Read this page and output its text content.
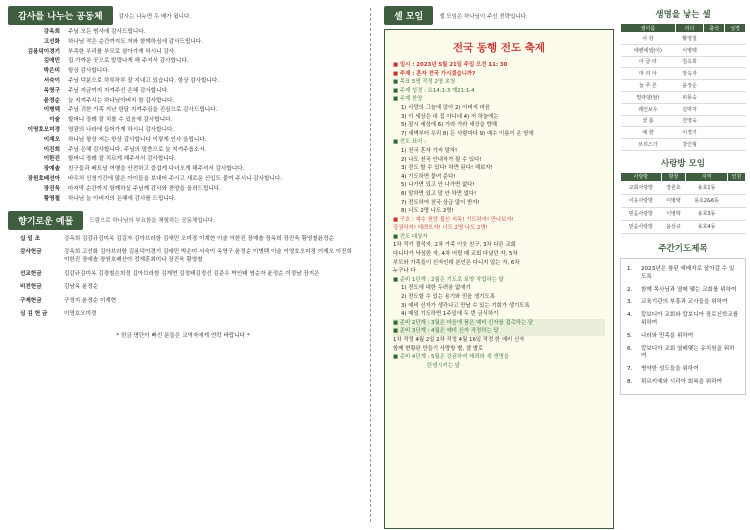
감사를 나누는 공동체	감사는 나누면 두 배가 됩니다.
강옥희	주님 모든 범사에 감사드립니다.
고선화	하나님 작은 순간까지도 저와 함께하심에 감사드립니다.
김용덕이경기	부족한 우리를 부모로 살아가게 하시니 감사.
김애민	집 가까운 곳으로 발령나게 해 주셔서 감사합니다.
박은미	항상 감사합니다.
서숙이	주님 덕분으로 하루하루 잘 지내고 있습니다. 항상 감사합니다.
옥영구	주님 지금까지 지켜주신 은혜 감사합니다.
윤정순	늘 지켜주시는 하나님아버지 참 감사합니다.
이병택	주님 귀한 가족 지난 한달 지켜주심을 진심으로 감사드립니다.
이술	할머니 장례 잘 치를 수 있음에 감사합니다.
이영호오미경	영광의 나라에 들어가게 하시니 감사합니다.
이재오	하나님 항상 저는 항상 감사합니다 이렇게 인사 올립니다.
이진희	주님 은혜 감사합니다. 주님의 말씀으로 늘 지켜주옵소서.
이한진	할머니 장례 잘 치르게 해주셔서 감사합니다.
장예솔	친구들과 베트남 여행을 안전하고 즐겁게 다녀오게 해주셔서 감사합니다.
장원호배선아	바우처 신청기간에 많은 아이들을 보내어 주시고 새로운 신입도 붙여 주시니 감사합니다.
장진욱	마지막 순간까지 함께하실 주님께 감사와 찬양을 올려드립니다.
황영철	하나님 늘 아버지의 은혜에 감사를 드립니다.
향기로운 예물	드림으로 하나님의 부요함을 체험하는 공동체입니다.
십 일 조	강옥희 김감규김미옥 김길자 김아브라함 김애민 오미경 이계현 이술 이한진 장예솔 장옥희 장진욱 황영철윤정순
감사헌금	강옥희 고선화 김아브라함 김용덕이경기 김애민 박은미 서숙이 옥영구 윤정순 이병택 이술 이영호오미경 이재오 이진희 이한진 장예솔 장원호배선아 정재훈최미나 장진욱 황영철
선교헌금	김감규김미옥 김경철손희정 김아브라함 김재현 김정태김경선 김준우 박인태 염순자 윤정순 이정남 장지은
비전헌금	김남옥 윤정순
구제헌금	구정지 윤정순 이계현
심 김 헌 금	이영호오미경
* 헌금 명단이 빠진 분들은 교역자에게 연락 바랍니다 *
셀 모임	셀 모임은 하나님이 주신 전략입니다.
전국 동행 전도 축제
■ 일시 : 2023년 5월 21일 주일 오전 11: 30
■ 주제 : 혼자 전국 가시겠습니까?
■ 목표 5명 작정 2명 초청
■ 주제 성경 : 요14:1-3 계21:1-4
■ 주제 찬양
1) 사망의 그늘에 앉아 2) 아버지 마음
3) 이 세상은 내 집 아니네 4) 저 하늘에는
5) 잠시 세상에 6) 가라 가라 세상을 향해
7) 새벽부터 우리 8) 든 사람마다 9) 예수 이름이 온 땅에
■ 전도 표어 :
1) 천국 혼자 가지 말자!
2) 나도 천국 안내자가 될 수 있다!
3) 전도 할 수 있다! 하면 된다! 해보자!
4) 기도하면 붙여 준다!
5) 나가면 있고 안 나가면 없다!
6) 말하면 있고 말 안 하면 없다!
7) 전도하여 천국 상급 많이 받자!
8) 너도 2명 나도 2명!
■ 구호 : 예수 천당 불신 지옥! 기도하자! 만나보자!
강권하자! 데려오자! 너도 2명 나도 2명!
■ 전도 대상자
1차 작기 결석자, 2차 가족 이웃 친구, 3차 다른 교회
다니다가 낙심한 자, 4차 어릴 때 교회 다녔던 자, 5차
부모와 가족들이 신자인데 본인은 다니지 않는 자, 6차
누구나 다
■ 준비 1단계 : 2월은 기도로 토양 작업하는 달
1) 전도에 대한 두려움 없애기
2) 전도할 수 있는 용기와 믿음 생기도록
3) 예비 신자가 생각나고 만날 수 있는 기회가 생기도록
4) 매일 기도하면 1주일에 두 번 금식하기
■ 준비 2단계 : 3월은 마음에 품은 예비 신자를 접촉하는 달
■ 준비 3단계 : 4월은 예비 신자 작정하는 달
1차 작정 4월 2일 2차 작정 4월 16일 작정 한 예비 신자
함께 현황판 만들기 사랑방 별, 셀 별로
■ 준비 4단계 : 5월은 강권하여 데려와 새 생명을
탄생시키는 달
생명을 낳는 셀
셀이름	리더	출석	성경
사 랑	황영철		
에벤에셀(어)	이병택		
아 굴 라	김옥희		
마 리 아	장옥자		
늘 푸 른	윤정순		
빌라델(탈)	피몽숙		
레인보우	김막자		
샬 롬	전영숙		
예 향	이경기		
브리스가	강인형		
사랑방 모임
사랑방	방장	지역	인원
교회사랑방	장원호	용호1동	
이웃사랑방	이병택	용호2&6동	
믿음사랑방	이병택	용호3동	
믿음사랑방	윤상규	용호4동	
주간기도제목
1.	2023년은 참된 예배자로 살아갈 수 있도록
2.	함께 목사님과 열매 맺는 교회를 위하여
3.	교육기관의 부흥과 교사들을 위하여
4.	칼보디아 교회와 칼보디아 장로신학교를 위하여
5.	나라와 민족을 위하여
6.	칼보디아 교회 열매맺는 유치원을 위하여
7.	병약한 성도들을 위하여
8.	튀르키예와 시리아 회복을 위하여
